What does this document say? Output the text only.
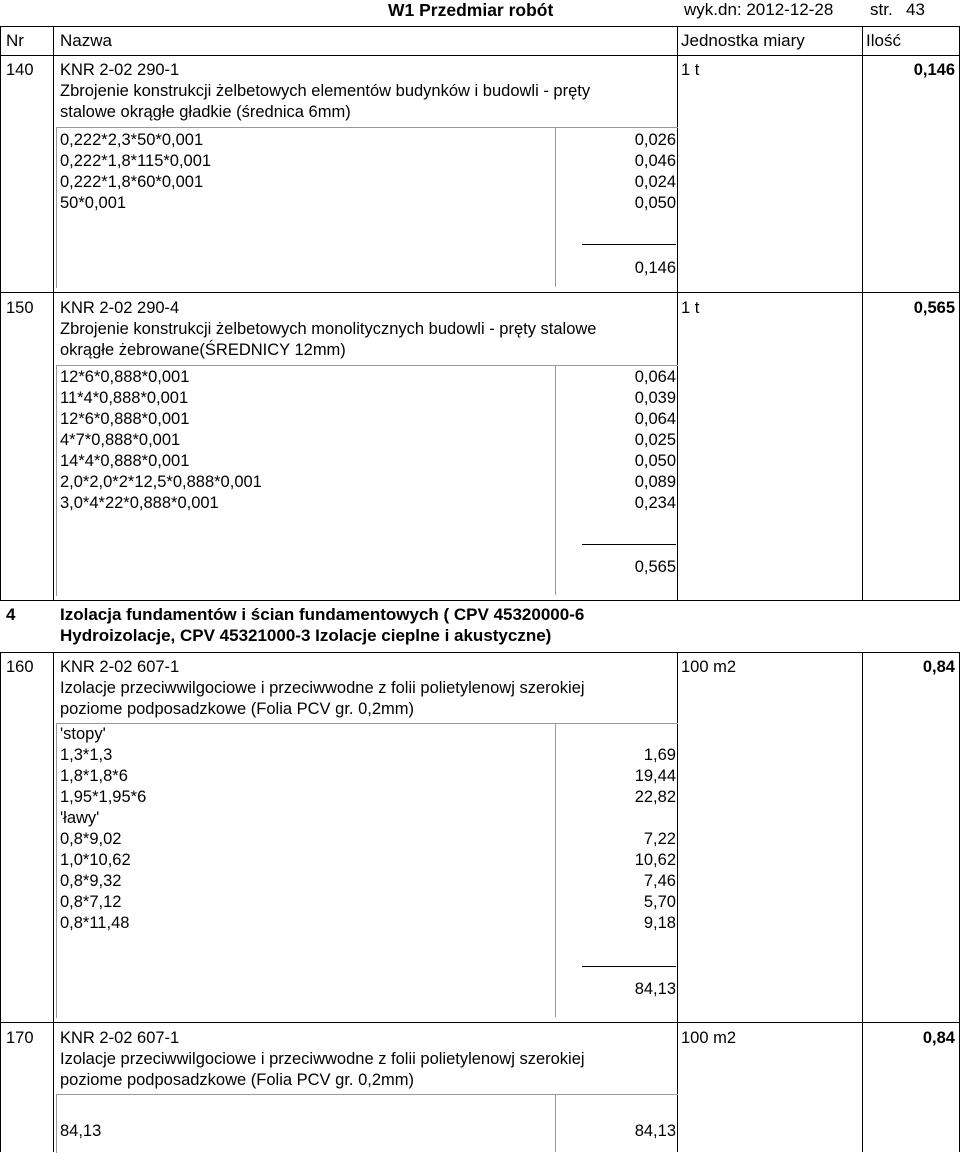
W1 Przedmiar robót	wyk.dn: 2012-12-28 str. 43
Nr Nazwa	Jednostka miary	Ilość
140 KNR 2-02 290-1
Zbrojenie konstrukcji żelbetowych elementów budynków i budowli - pręty
stalowe okrągłe gładkie (średnica 6mm)
1 t	0,146
0,222*2,3*50*0,001	0,026
0,222*1,8*115*0,001	0,046
0,222*1,8*60*0,001	0,024
50*0,001	0,050
0,146
150 KNR 2-02 290-4
Zbrojenie konstrukcji żelbetowych monolitycznych budowli - pręty stalowe
okrągłe żebrowane(ŚREDNICY 12mm)
1 t	0,565
12*6*0,888*0,001	0,064
11*4*0,888*0,001	0,039
12*6*0,888*0,001	0,064
4*7*0,888*0,001	0,025
14*4*0,888*0,001	0,050
2,0*2,0*2*12,5*0,888*0,001	0,089
3,0*4*22*0,888*0,001	0,234
0,565
4	Izolacja fundamentów i ścian fundamentowych ( CPV 45320000-6
Hydroizolacje, CPV 45321000-3 Izolacje cieplne i akustyczne)
160 KNR 2-02 607-1
Izolacje przeciwwilgociowe i przeciwwodne z folii polietylenowj szerokiej
poziome podposadzkowe (Folia PCV gr. 0,2mm)
100 m2	0,84
'stopy'
1,3*1,3	1,69
1,8*1,8*6	19,44
1,95*1,95*6	22,82
'ławy'
0,8*9,02	7,22
1,0*10,62	10,62
0,8*9,32	7,46
0,8*7,12	5,70
0,8*11,48	9,18
84,13
170 KNR 2-02 607-1
Izolacje przeciwwilgociowe i przeciwwodne z folii polietylenowj szerokiej
poziome podposadzkowe (Folia PCV gr. 0,2mm)
100 m2	0,84
84,13	84,13
